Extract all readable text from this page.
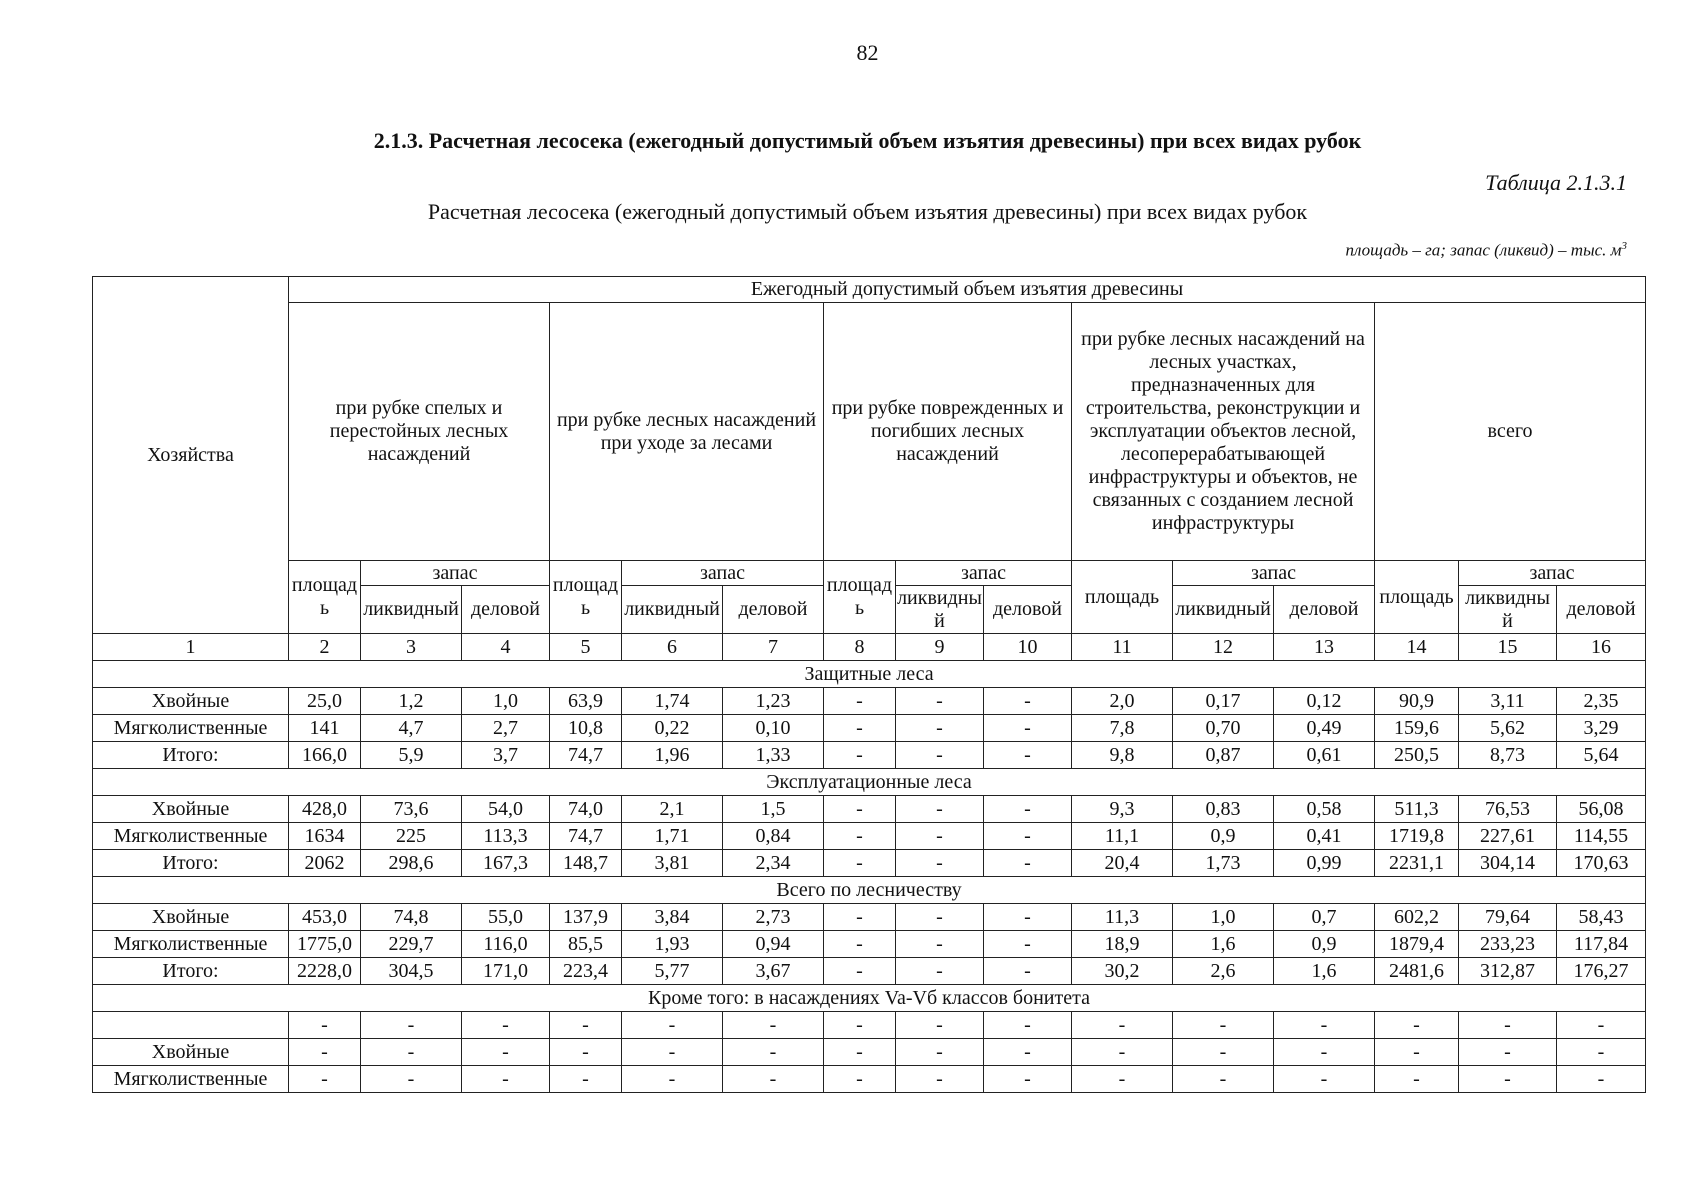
82
2.1.3. Расчетная лесосека (ежегодный допустимый объем изъятия древесины) при всех видах рубок
Таблица 2.1.3.1
Расчетная лесосека (ежегодный допустимый объем изъятия древесины) при всех видах рубок
площадь – га; запас (ликвид) – тыс. $м^3$
Хозяйства	Ежегодный допустимый объем изъятия древесины														
	при рубке спелых и перестойных лесных насаждений			при рубке лесных насаждений при уходе за лесами			при рубке поврежденных и погибших лесных насаждений			при рубке лесных насаждений на лесных участках, предназначенных для строительства, реконструкции и эксплуатации объектов лесной, лесоперерабатывающей инфраструктуры и объектов, не связанных с созданием лесной инфраструктуры			всего		
	площадь	запас		площадь	запас		площадь	запас		площадь	запас		площадь	запас	
		ликвидный	деловой		ликвидный	деловой		ликвидный	деловой		ликвидный	деловой		ликвидный	деловой
1	2	3	4	5	6	7	8	9	10	11	12	13	14	15	16
Защитные леса															
Хвойные	25,0	1,2	1,0	63,9	1,74	1,23	-	-	-	2,0	0,17	0,12	90,9	3,11	2,35
Мягколиственные	141	4,7	2,7	10,8	0,22	0,10	-	-	-	7,8	0,70	0,49	159,6	5,62	3,29
Итого:	166,0	5,9	3,7	74,7	1,96	1,33	-	-	-	9,8	0,87	0,61	250,5	8,73	5,64
Эксплуатационные леса															
Хвойные	428,0	73,6	54,0	74,0	2,1	1,5	-	-	-	9,3	0,83	0,58	511,3	76,53	56,08
Мягколиственные	1634	225	113,3	74,7	1,71	0,84	-	-	-	11,1	0,9	0,41	1719,8	227,61	114,55
Итого:	2062	298,6	167,3	148,7	3,81	2,34	-	-	-	20,4	1,73	0,99	2231,1	304,14	170,63
Всего по лесничеству															
Хвойные	453,0	74,8	55,0	137,9	3,84	2,73	-	-	-	11,3	1,0	0,7	602,2	79,64	58,43
Мягколиственные	1775,0	229,7	116,0	85,5	1,93	0,94	-	-	-	18,9	1,6	0,9	1879,4	233,23	117,84
Итого:	2228,0	304,5	171,0	223,4	5,77	3,67	-	-	-	30,2	2,6	1,6	2481,6	312,87	176,27
Кроме того: в насаждениях Va-Vб классов бонитета															
	-	-	-	-	-	-	-	-	-	-	-	-	-	-	-
Хвойные	-	-	-	-	-	-	-	-	-	-	-	-	-	-	-
Мягколиственные	-	-	-	-	-	-	-	-	-	-	-	-	-	-	-
